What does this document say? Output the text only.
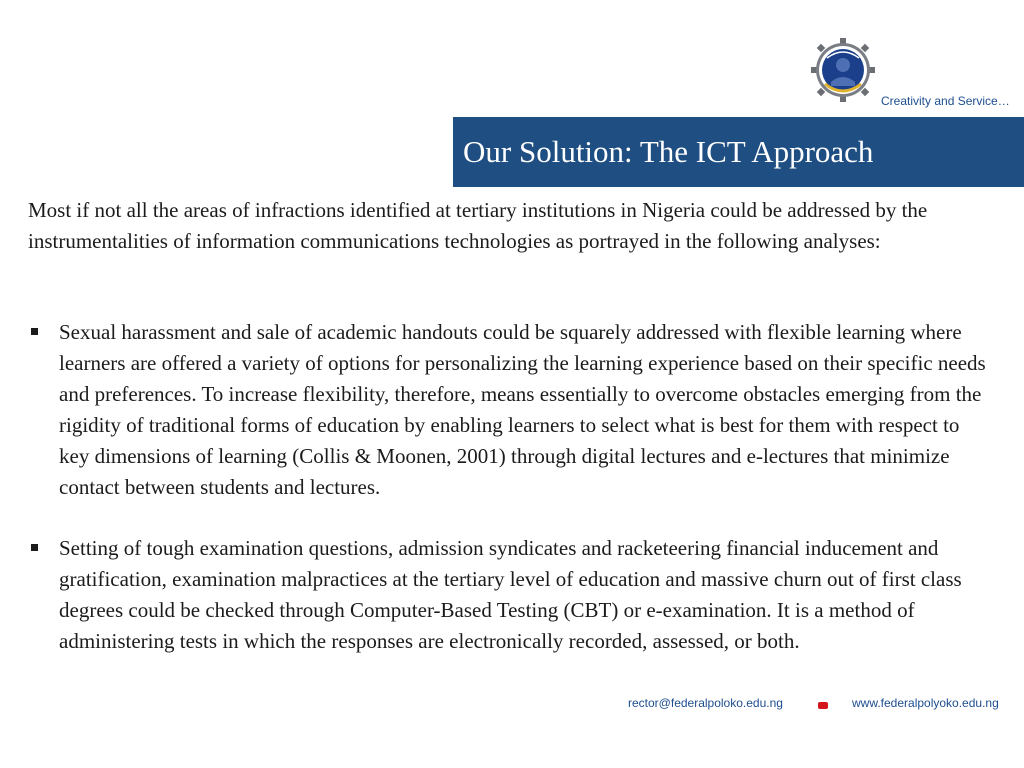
Creativity and Service…
Our Solution: The ICT Approach

Most if not all the areas of infractions identified at tertiary institutions in Nigeria could be addressed by the instrumentalities of information communications technologies as portrayed in the following analyses:

Sexual harassment and sale of academic handouts could be squarely addressed with flexible learning where learners are offered a variety of options for personalizing the learning experience based on their specific needs and preferences. To increase flexibility, therefore, means essentially to overcome obstacles emerging from the rigidity of traditional forms of education by enabling learners to select what is best for them with respect to key dimensions of learning (Collis & Moonen, 2001) through digital lectures and e-lectures that minimize contact between students and lectures.
Setting of tough examination questions, admission syndicates and racketeering financial inducement and gratification, examination malpractices at the tertiary level of education and massive churn out of first class degrees could be checked through Computer-Based Testing (CBT) or e-examination. It is a method of administering tests in which the responses are electronically recorded, assessed, or both.
rector@federalpoloko.edu.ng	www.federalpolyoko.edu.ng
